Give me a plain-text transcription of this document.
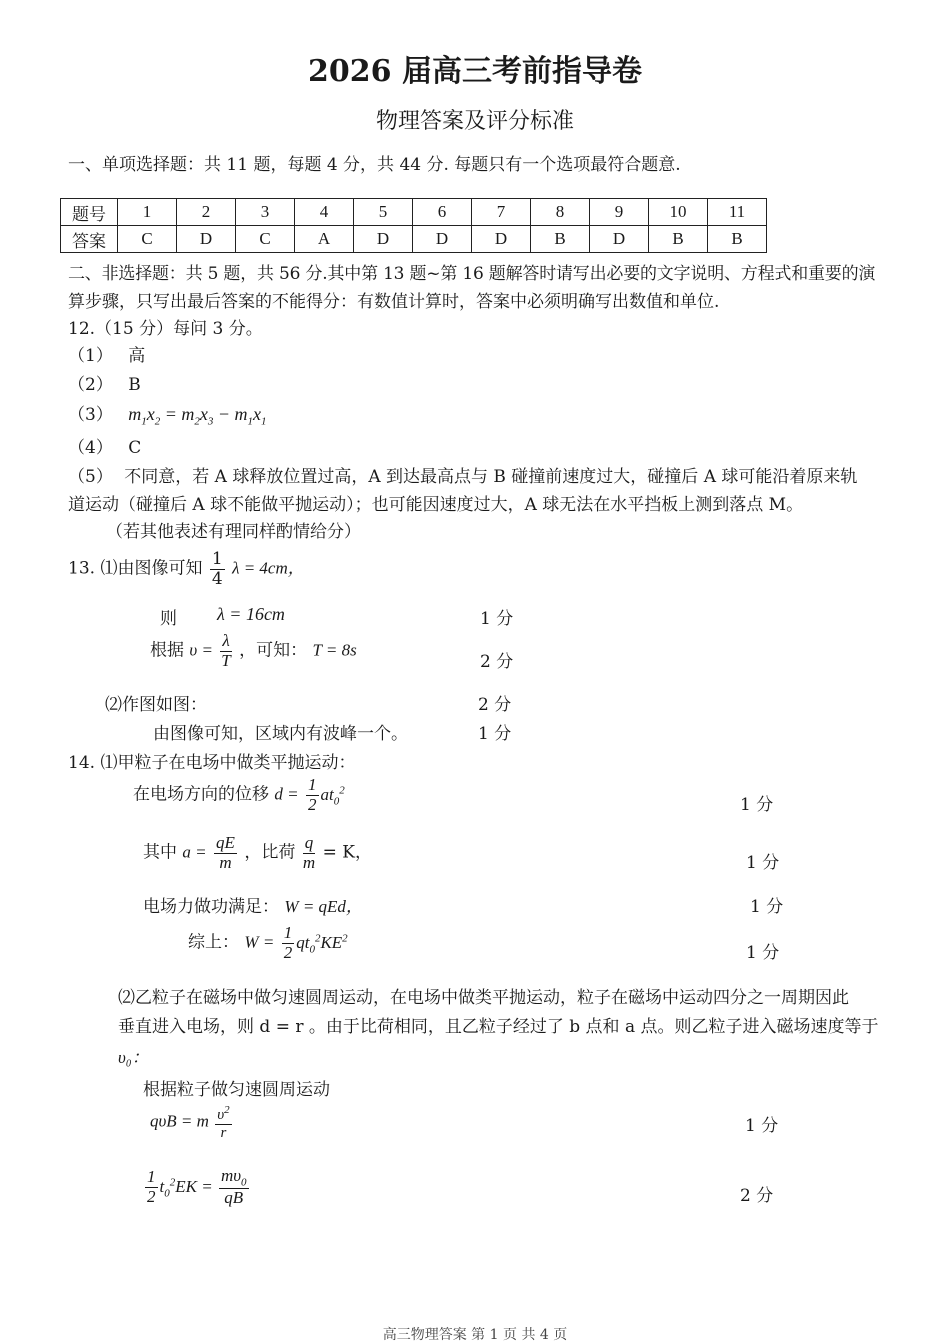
2026 届高三考前指导卷
物理答案及评分标准
一、单项选择题：共 11 题，每题 4 分，共 44 分. 每题只有一个选项最符合题意.
题号	1	2	3	4	5	6	7	8	9	10	11
答案	C	D	C	A	D	D	D	B	D	B	B
二、非选择题：共 5 题，共 56 分.其中第 13 题~第 16 题解答时请写出必要的文字说明、方程式和重要的演
算步骤，只写出最后答案的不能得分：有数值计算时，答案中必须明确写出数值和单位.
12.（15 分）每问 3 分。
（1） 高
（2） B
（3） $m_1x_2 = m_2x_3 - m_1x_1$
（4） C
（5） 不同意，若 A 球释放位置过高，A 到达最高点与 B 碰撞前速度过大，碰撞后 A 球可能沿着原来轨
道运动（碰撞后 A 球不能做平抛运动）；也可能因速度过大，A 球无法在水平挡板上测到落点 M。
（若其他表述有理同样酌情给分）
13. ⑴由图像可知 $\frac{1}{4}$ λ = 4cm，
则 λ = 16cm	1 分
根据 $\upsilon = \frac{\lambda}{T}$ ，可知： T = 8s
2 分
⑵作图如图：	2 分
由图像可知，区域内有波峰一个。	1 分
14. ⑴甲粒子在电场中做类平抛运动：
在电场方向的位移 $d = \frac{1}{2} at_0^2$
1 分
其中 $a = \frac{qE}{m}$ ，比荷 $\frac{q}{m} = K$，
1 分
电场力做功满足： W = qEd，	1 分
综上： $W = \frac{1}{2} qt_0^2KE^2$
1 分
⑵乙粒子在磁场中做匀速圆周运动，在电场中做类平抛运动，粒子在磁场中运动四分之一周期因此
垂直进入电场，则 d = r 。由于比荷相同，且乙粒子经过了 b 点和 a 点。则乙粒子进入磁场速度等于
υ₀：
根据粒子做匀速圆周运动
qυB = m $\frac{\upsilon^2}{r}$	1 分
$\frac{1}{2} t_0^2EK = \frac{m\upsilon_0}{qB}$	2 分
高三物理答案 第 1 页 共 4 页
